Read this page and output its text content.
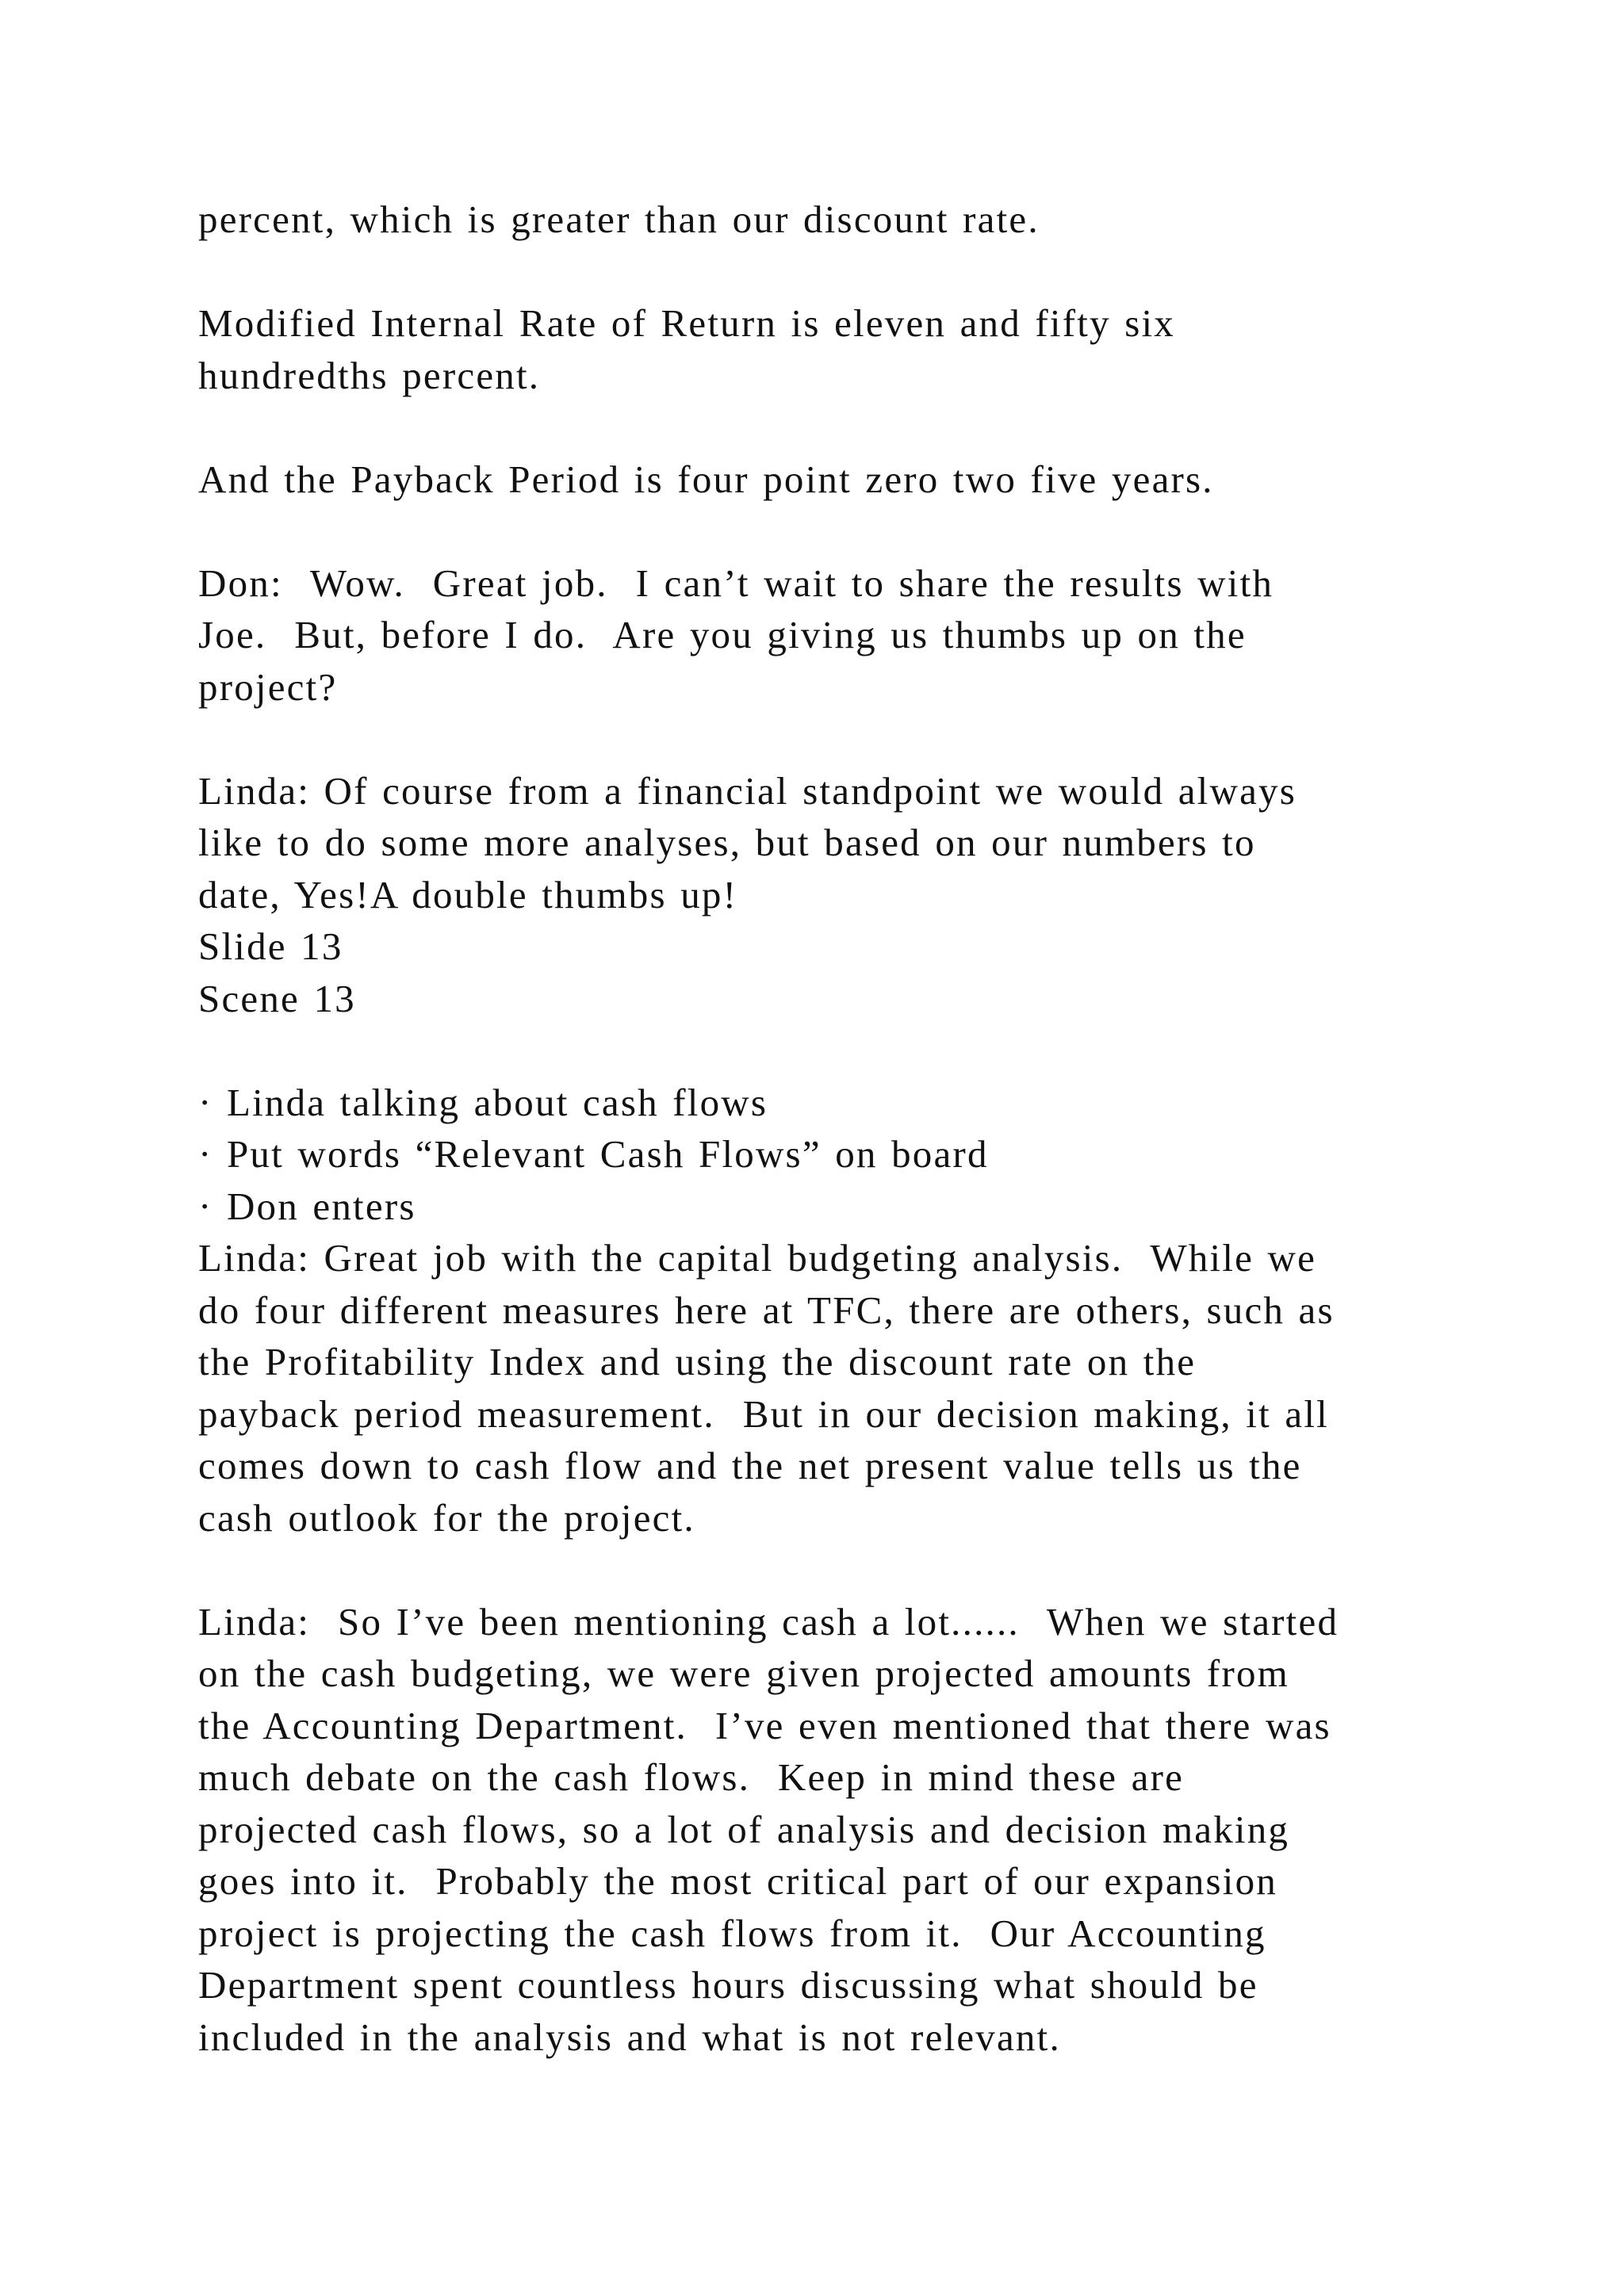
percent, which is greater than our discount rate.
Modified Internal Rate of Return is eleven and fifty six
hundredths percent.
And the Payback Period is four point zero two five years.
Don:  Wow.  Great job.  I can’t wait to share the results with
Joe.  But, before I do.  Are you giving us thumbs up on the
project?
Linda: Of course from a financial standpoint we would always
like to do some more analyses, but based on our numbers to
date, Yes!A double thumbs up!
Slide 13
Scene 13
· Linda talking about cash flows
· Put words “Relevant Cash Flows” on board
· Don enters
Linda: Great job with the capital budgeting analysis.  While we
do four different measures here at TFC, there are others, such as
the Profitability Index and using the discount rate on the
payback period measurement.  But in our decision making, it all
comes down to cash flow and the net present value tells us the
cash outlook for the project.
Linda:  So I’ve been mentioning cash a lot......  When we started
on the cash budgeting, we were given projected amounts from
the Accounting Department.  I’ve even mentioned that there was
much debate on the cash flows.  Keep in mind these are
projected cash flows, so a lot of analysis and decision making
goes into it.  Probably the most critical part of our expansion
project is projecting the cash flows from it.  Our Accounting
Department spent countless hours discussing what should be
included in the analysis and what is not relevant.
